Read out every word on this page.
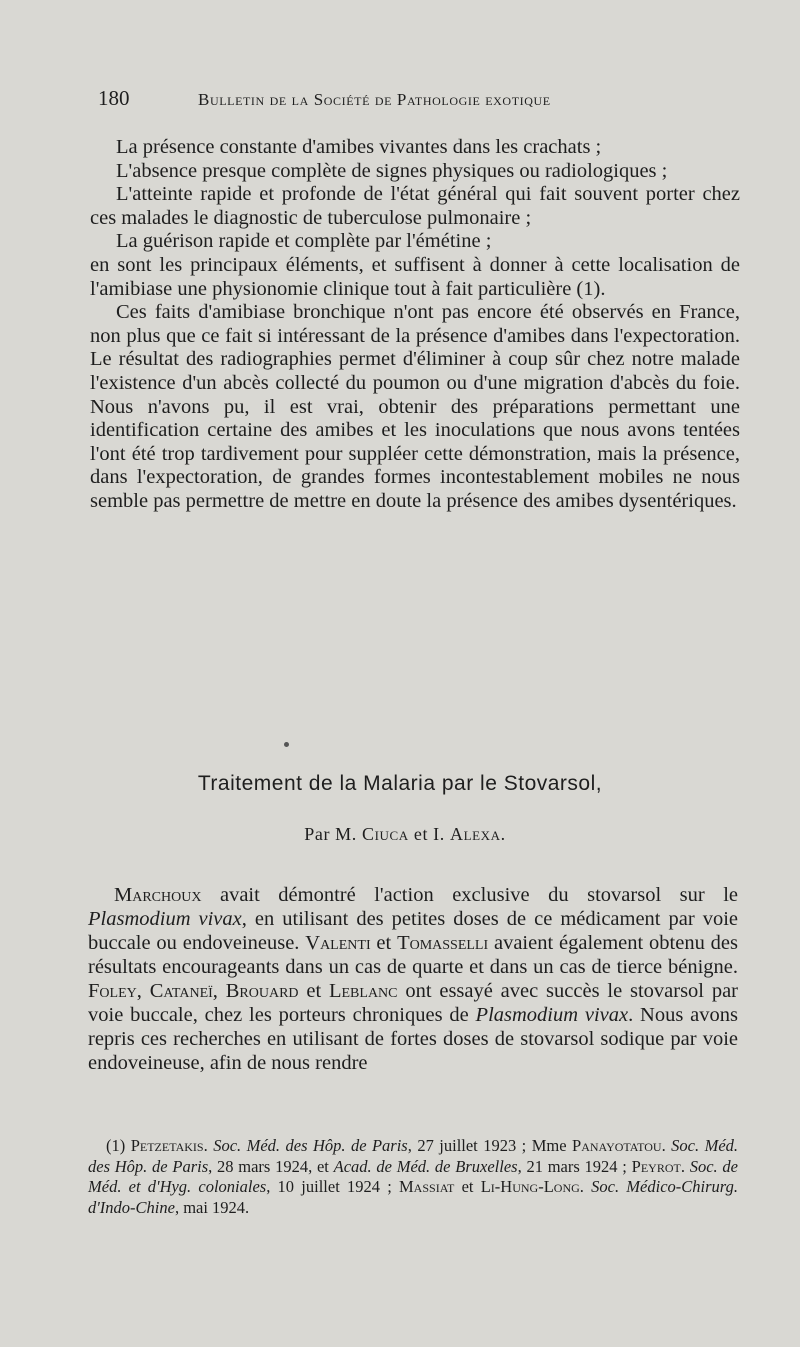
180	Bulletin de la Société de Pathologie exotique

La présence constante d'amibes vivantes dans les crachats ;

L'absence presque complète de signes physiques ou radiologiques ;

L'atteinte rapide et profonde de l'état général qui fait souvent porter chez ces malades le diagnostic de tuberculose pulmonaire ;

La guérison rapide et complète par l'émétine ;

en sont les principaux éléments, et suffisent à donner à cette localisation de l'amibiase une physionomie clinique tout à fait particulière (1).

Ces faits d'amibiase bronchique n'ont pas encore été observés en France, non plus que ce fait si intéressant de la présence d'amibes dans l'expectoration. Le résultat des radiographies permet d'éliminer à coup sûr chez notre malade l'existence d'un abcès collecté du poumon ou d'une migration d'abcès du foie. Nous n'avons pu, il est vrai, obtenir des préparations permettant une identification certaine des amibes et les inoculations que nous avons tentées l'ont été trop tardivement pour suppléer cette démonstration, mais la présence, dans l'expectoration, de grandes formes incontestablement mobiles ne nous semble pas permettre de mettre en doute la présence des amibes dysentériques.

Traitement de la Malaria par le Stovarsol,
Par M. Ciuca et I. Alexa.

Marchoux avait démontré l'action exclusive du stovarsol sur le Plasmodium vivax, en utilisant des petites doses de ce médicament par voie buccale ou endoveineuse. Valenti et Tomasselli avaient également obtenu des résultats encourageants dans un cas de quarte et dans un cas de tierce bénigne. Foley, Cataneï, Brouard et Leblanc ont essayé avec succès le stovarsol par voie buccale, chez les porteurs chroniques de Plasmodium vivax. Nous avons repris ces recherches en utilisant de fortes doses de stovarsol sodique par voie endoveineuse, afin de nous rendre

(1) Petzetakis. Soc. Méd. des Hôp. de Paris, 27 juillet 1923 ; Mme Panayotatou. Soc. Méd. des Hôp. de Paris, 28 mars 1924, et Acad. de Méd. de Bruxelles, 21 mars 1924 ; Peyrot. Soc. de Méd. et d'Hyg. coloniales, 10 juillet 1924 ; Massiat et Li-Hung-Long. Soc. Médico-Chirurg. d'Indo-Chine, mai 1924.
